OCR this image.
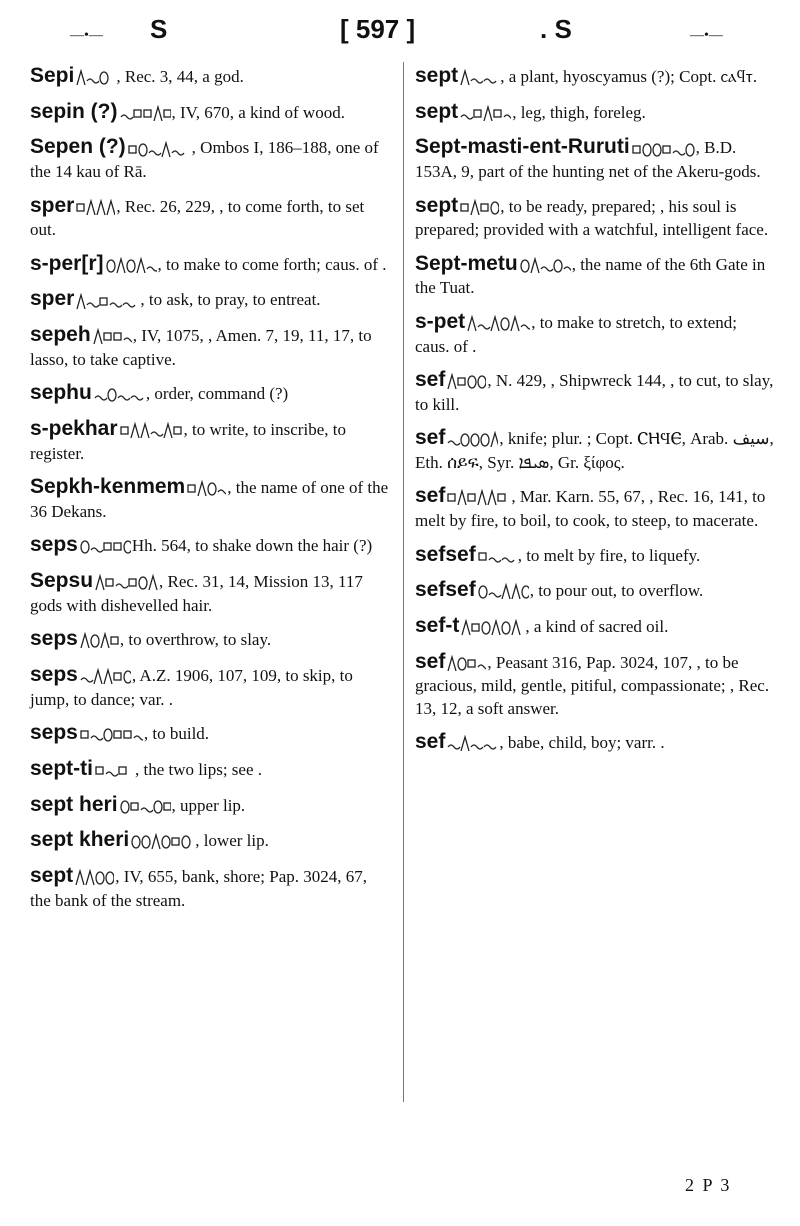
—•— S	[ 597 ]	. S	—•—
Sepi , Rec. 3, 44, a god.
sepin (?)	, IV, 670, a kind of wood.
Sepen (?)	, Ombos I, 186–188, one of the 14 kau of Rā.
sper , Rec. 26, 229, , to come forth, to set out.
s-per[r]	, to make to come forth; caus. of .
sper	, to ask, to pray, to entreat.
sepeh , IV, 1075, , Amen. 7, 19, 11, 17, to lasso, to take captive.
sephu	, order, command (?)
s-pekhar	, to write, to inscribe, to register.
Sepkh-kenmem , the name of one of the 36 Dekans.
seps	Hh. 564, to shake down the hair (?)
Sepsu	, Rec. 31, 14, Mission 13, 117 gods with dishevelled hair.
seps , to overthrow, to slay.
seps	, A.Z. 1906, 107, 109, to skip, to jump, to dance; var. .
seps	, to build.
sept-ti , the two lips; see .
sept heri	, upper lip.
sept kheri	, lower lip.
sept , IV, 655, bank, shore; Pap. 3024, 67, the bank of the stream.
sept , a plant, hyoscyamus (?); Copt. ⲥⲁϥⲧ.
sept	, leg, thigh, foreleg.
Sept-masti-ent-Ruruti	, B.D. 153A, 9, part of the hunting net of the Akeru-gods.
sept , to be ready, prepared; , his soul is prepared; provided with a watchful, intelligent face.
Sept-metu	, the name of the 6th Gate in the Tuat.
s-pet	, to make to stretch, to extend; caus. of .
sef , N. 429, , Shipwreck 144, , to cut, to slay, to kill.
sef	, knife; plur. ; Copt. ⲤⲎϤⲈ, Arab. سيف, Eth. ሰይፍ, Syr. ܣܝܦܐ, Gr. ξίφος.
sef	, Mar. Karn. 55, 67, , Rec. 16, 141, to melt by fire, to boil, to cook, to steep, to macerate.
sefsef , to melt by fire, to liquefy.
sefsef	, to pour out, to overflow.
sef-t	, a kind of sacred oil.
sef , Peasant 316, Pap. 3024, 107, , to be gracious, mild, gentle, pitiful, compassionate; , Rec. 13, 12, a soft answer.
sef	, babe, child, boy; varr. .
2 P 3
